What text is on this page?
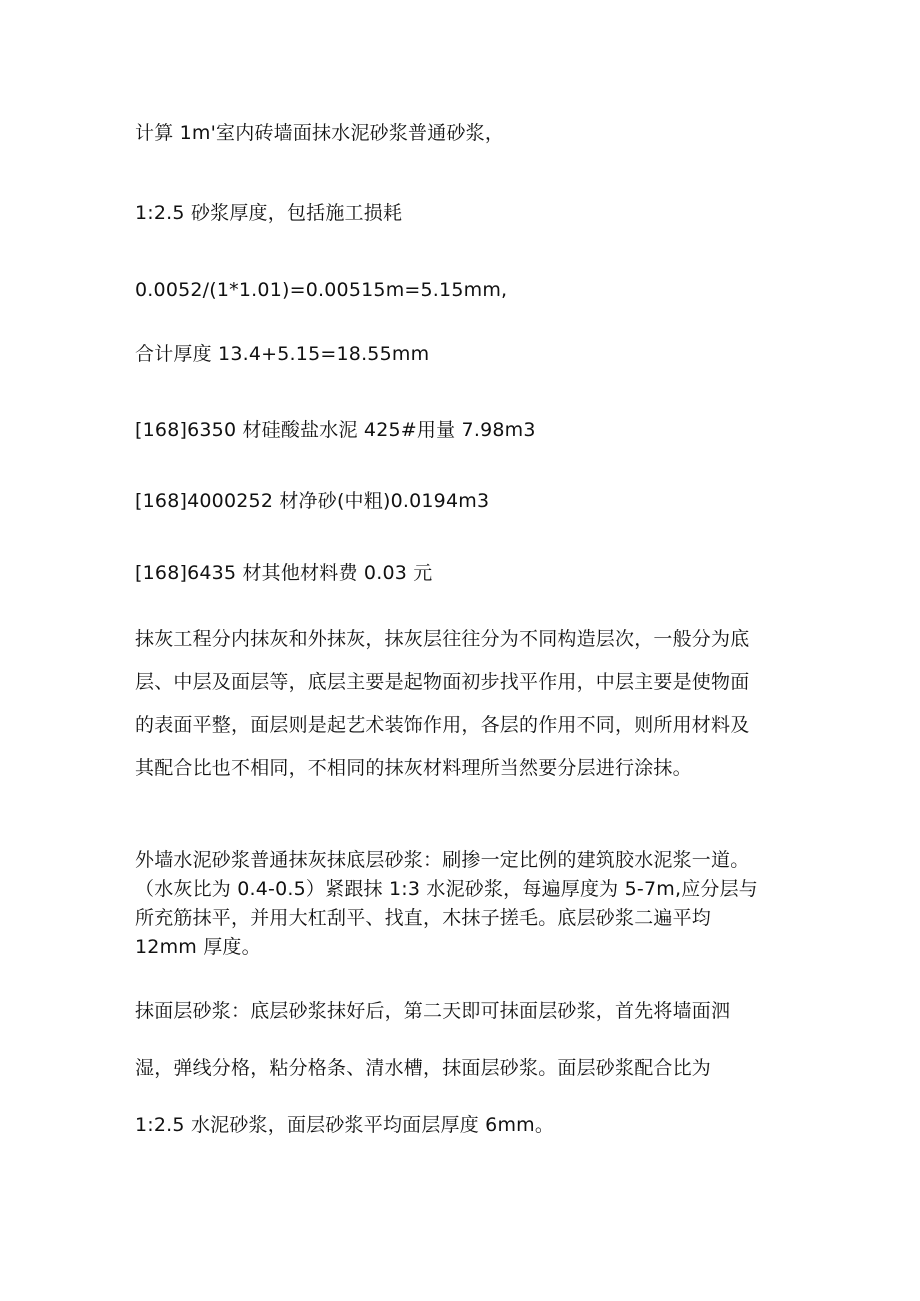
计算 1m'室内砖墙面抹水泥砂浆普通砂浆，

1:2.5 砂浆厚度，包括施工损耗

0.0052/(1*1.01)=0.00515m=5.15mm,

合计厚度 13.4+5.15=18.55mm

[168]6350 材硅酸盐水泥 425#用量 7.98m3

[168]4000252 材净砂(中粗)0.0194m3

[168]6435 材其他材料费 0.03 元

抹灰工程分内抹灰和外抹灰，抹灰层往往分为不同构造层次，一般分为底
层、中层及面层等，底层主要是起物面初步找平作用，中层主要是使物面
的表面平整，面层则是起艺术装饰作用，各层的作用不同，则所用材料及
其配合比也不相同，不相同的抹灰材料理所当然要分层进行涂抹。
外墙水泥砂浆普通抹灰抹底层砂浆：刷掺一定比例的建筑胶水泥浆一道。
（水灰比为 0.4-0.5）紧跟抹 1:3 水泥砂浆，每遍厚度为 5-7m,应分层与
所充筋抹平，并用大杠刮平、找直，木抹子搓毛。底层砂浆二遍平均
12mm 厚度。
抹面层砂浆：底层砂浆抹好后，第二天即可抹面层砂浆，首先将墙面泗
湿，弹线分格，粘分格条、清水槽，抹面层砂浆。面层砂浆配合比为
1:2.5 水泥砂浆，面层砂浆平均面层厚度 6mm。
